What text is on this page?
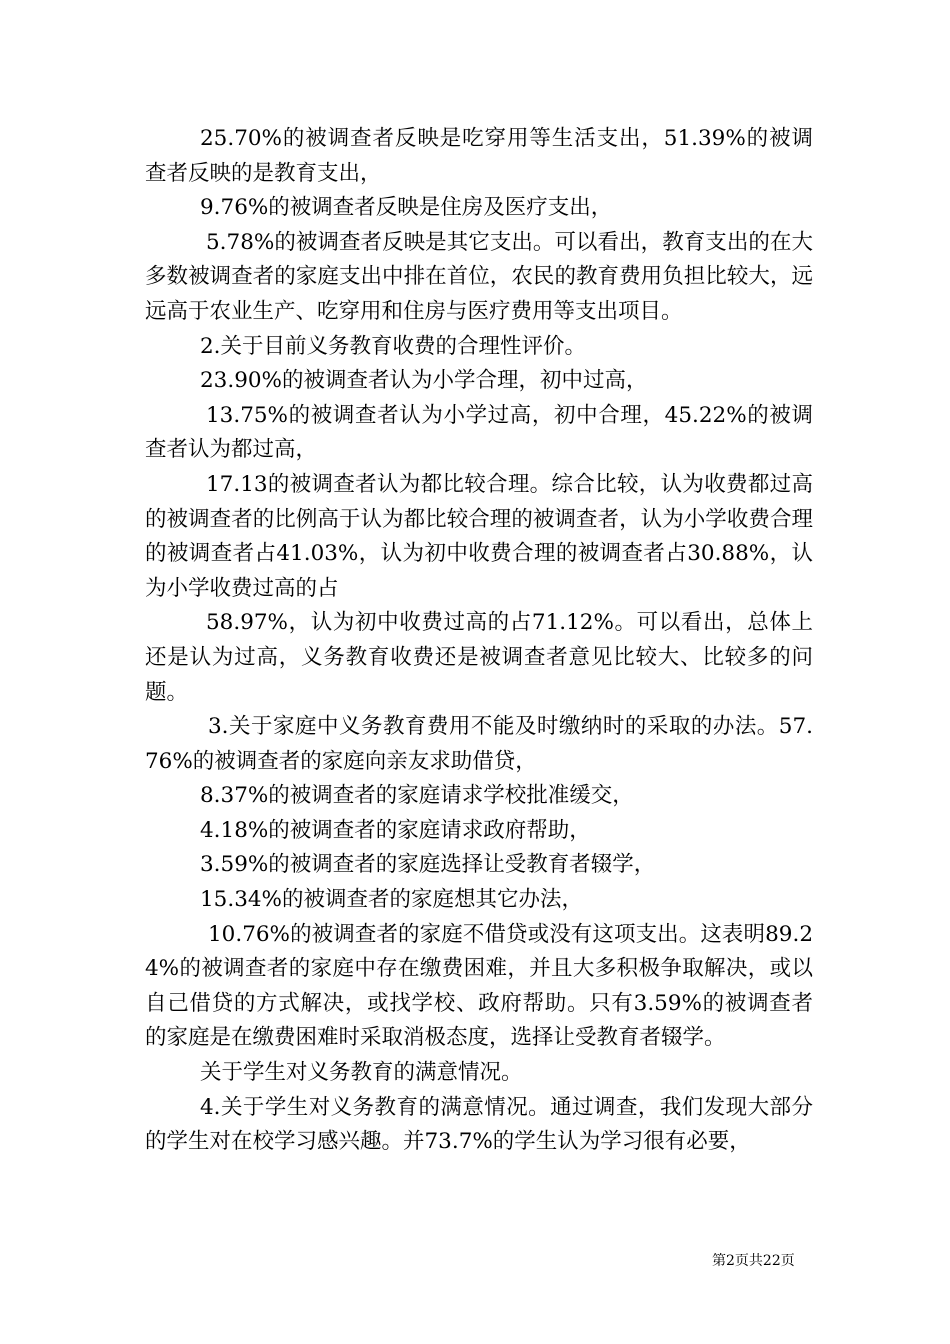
25.70%的被调查者反映是吃穿用等生活支出，51.39%的被调查者反映的是教育支出，

9.76%的被调查者反映是住房及医疗支出，

5.78%的被调查者反映是其它支出。可以看出，教育支出的在大多数被调查者的家庭支出中排在首位，农民的教育费用负担比较大，远远高于农业生产、吃穿用和住房与医疗费用等支出项目。

2.关于目前义务教育收费的合理性评价。

23.90%的被调查者认为小学合理，初中过高，

13.75%的被调查者认为小学过高，初中合理，45.22%的被调查者认为都过高，

17.13的被调查者认为都比较合理。综合比较，认为收费都过高的被调查者的比例高于认为都比较合理的被调查者，认为小学收费合理的被调查者占41.03%，认为初中收费合理的被调查者占30.88%，认为小学收费过高的占

58.97%，认为初中收费过高的占71.12%。可以看出，总体上还是认为过高，义务教育收费还是被调查者意见比较大、比较多的问题。

3.关于家庭中义务教育费用不能及时缴纳时的采取的办法。57.76%的被调查者的家庭向亲友求助借贷，

8.37%的被调查者的家庭请求学校批准缓交，

4.18%的被调查者的家庭请求政府帮助，

3.59%的被调查者的家庭选择让受教育者辍学，

15.34%的被调查者的家庭想其它办法，

10.76%的被调查者的家庭不借贷或没有这项支出。这表明89.24%的被调查者的家庭中存在缴费困难，并且大多积极争取解决，或以自己借贷的方式解决，或找学校、政府帮助。只有3.59%的被调查者的家庭是在缴费困难时采取消极态度，选择让受教育者辍学。

关于学生对义务教育的满意情况。

4.关于学生对义务教育的满意情况。通过调查，我们发现大部分的学生对在校学习感兴趣。并73.7%的学生认为学习很有必要，

第2页共22页
